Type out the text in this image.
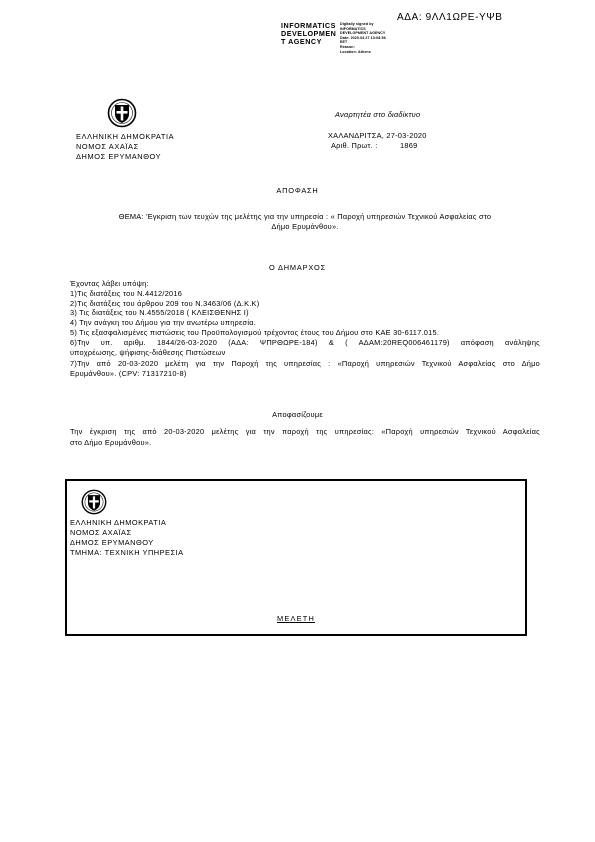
ΑΔΑ: 9ΛΛ1ΩΡΕ-ΥΨΒ
INFORMATICS
DEVELOPMEN
T AGENCY
Digitally signed by
INFORMATICS
DEVELOPMENT AGENCY
Date: 2020.03.27 13:08:56
EET
Reason:
Location: Athens
ΕΛΛΗΝΙΚΗ ΔΗΜΟΚΡΑΤΙΑ
ΝΟΜΟΣ ΑΧΑΪΑΣ
ΔΗΜΟΣ ΕΡΥΜΑΝΘΟΥ
Αναρτητέα στο διαδίκτυο
ΧΑΛΑΝΔΡΙΤΣΑ, 27-03-2020
Αριθ. Πρωτ. :	1869
ΑΠΟΦΑΣΗ
ΘΕΜΑ: 'Εγκριση των τευχών της μελέτης για την υπηρεσία : « Παροχή υπηρεσιών Τεχνικού Ασφαλείας στο
Δήμο Ερυμάνθου».
Ο ΔΗΜΑΡΧΟΣ
Έχοντας λάβει υπόψη:
1)Τις διατάξεις του Ν.4412/2016
2)Τις διατάξεις του άρθρου 209 του Ν.3463/06 (Δ.Κ.Κ)
3) Τις διατάξεις του Ν.4555/2018 ( ΚΛΕΙΣΘΕΝΗΣ Ι)
4) Την ανάγκη του Δήμου για την ανωτέρω υπηρεσία.
5) Τις εξασφαλισμένες πιστώσεις του Προϋπολογισμού τρέχοντος έτους του Δήμου στο ΚΑΕ 30-6117.015.
6)Την υπ. αριθμ. 1844/26-03-2020 (ΑΔΑ: ΨΠΡΘΩΡΕ-184) & ( ΑΔΑΜ:20REQ006461179) απόφαση ανάληψης
υποχρέωσης, ψήφισης-διάθεσης Πιστώσεων
7)Την από 20-03-2020 μελέτη για την Παροχή της υπηρεσίας : «Παροχή υπηρεσιών Τεχνικού Ασφαλείας στο Δήμο
Ερυμάνθου». (CPV: 71317210-8)
Αποφασίζουμε
Την έγκριση της από 20-03-2020 μελέτης για την παροχή της υπηρεσίας: «Παροχή υπηρεσιών Τεχνικού Ασφαλείας
στο Δήμο Ερυμάνθου».
ΕΛΛΗΝΙΚΗ ΔΗΜΟΚΡΑΤΙΑ
ΝΟΜΟΣ ΑΧΑΪΑΣ
ΔΗΜΟΣ ΕΡΥΜΑΝΘΟΥ
ΤΜΗΜΑ: ΤΕΧΝΙΚΗ ΥΠΗΡΕΣΙΑ
ΜΕΛΕΤΗ
